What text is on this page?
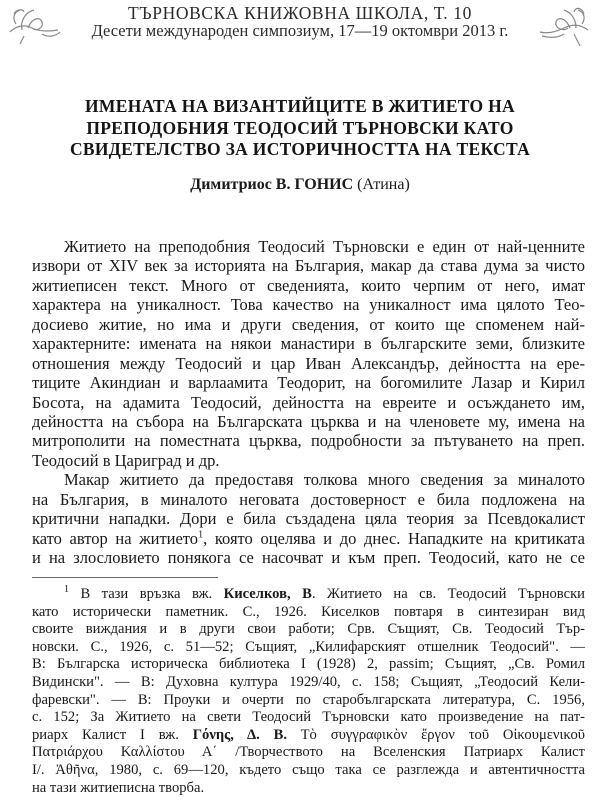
ТЪРНОВСКА КНИЖОВНА ШКОЛА, Т. 10
Десети международен симпозиум, 17—19 октомври 2013 г.
ИМЕНАТА НА ВИЗАНТИЙЦИТЕ В ЖИТИЕТО НА
ПРЕПОДОБНИЯ ТЕОДОСИЙ ТЪРНОВСКИ КАТО
СВИДЕТЕЛСТВО ЗА ИСТОРИЧНОСТТА НА ТЕКСТА
Димитриос В. ГОНИС (Атина)
Житието на преподобния Теодосий Търновски е един от най-ценните
извори от XIV век за историята на България, макар да става дума за чисто
житиеписен текст. Много от сведенията, които черпим от него, имат
характера на уникалност. Това качество на уникалност има цялото Тео-
досиево житие, но има и други сведения, от които ще споменем най-
характерните: имената на някои манастири в българските земи, близките
отношения между Теодосий и цар Иван Александър, дейността на ере-
тиците Акиндиан и варлаамита Теодорит, на богомилите Лазар и Кирил
Босота, на адамита Теодосий, дейността на евреите и осъждането им,
дейността на събора на Българската църква и на членовете му, имена на
митрополити на поместната църква, подробности за пътуването на преп.
Теодосий в Цариград и др.
Макар житието да предоставя толкова много сведения за миналото
на България, в миналото неговата достоверност е била подложена на
критични нападки. Дори е била създадена цяла теория за Псевдокалист
като автор на житието$^1$, която оцелява и до днес. Нападките на критиката
и на злословието понякога се насочват и към преп. Теодосий, като не се
$^1$ В тази връзка вж. Киселков, В. Житието на св. Теодосий Търновски
като исторически паметник. С., 1926. Киселков повтаря в синтезиран вид
своите виждания и в други свои работи; Срв. Същият, Св. Теодосий Тър-
новски. С., 1926, с. 51—52; Същият, „Килифарският отшелник Теодосий". —
В: Българска историческа библиотека I (1928) 2, passim; Същият, „Св. Ромил
Видински". — В: Духовна култура 1929/40, с. 158; Същият, „Теодосий Кели-
фаревски". — В: Проуки и очерти по старобългарската литература, С. 1956,
с. 152; За Житието на свети Теодосий Търновски като произведение на пат-
риарх Калист I вж. Γόνης, Δ. Β. Τὸ συγγραφικὸν ἔργον τοῦ Οἰκουμενικοῦ
Πατριάρχου Καλλίστου Α΄ /Творчеството на Вселенския Патриарх Калист
I/. Ἀθῆνα, 1980, с. 69—120, където също така се разглежда и автентичността
на тази житиеписна творба.
